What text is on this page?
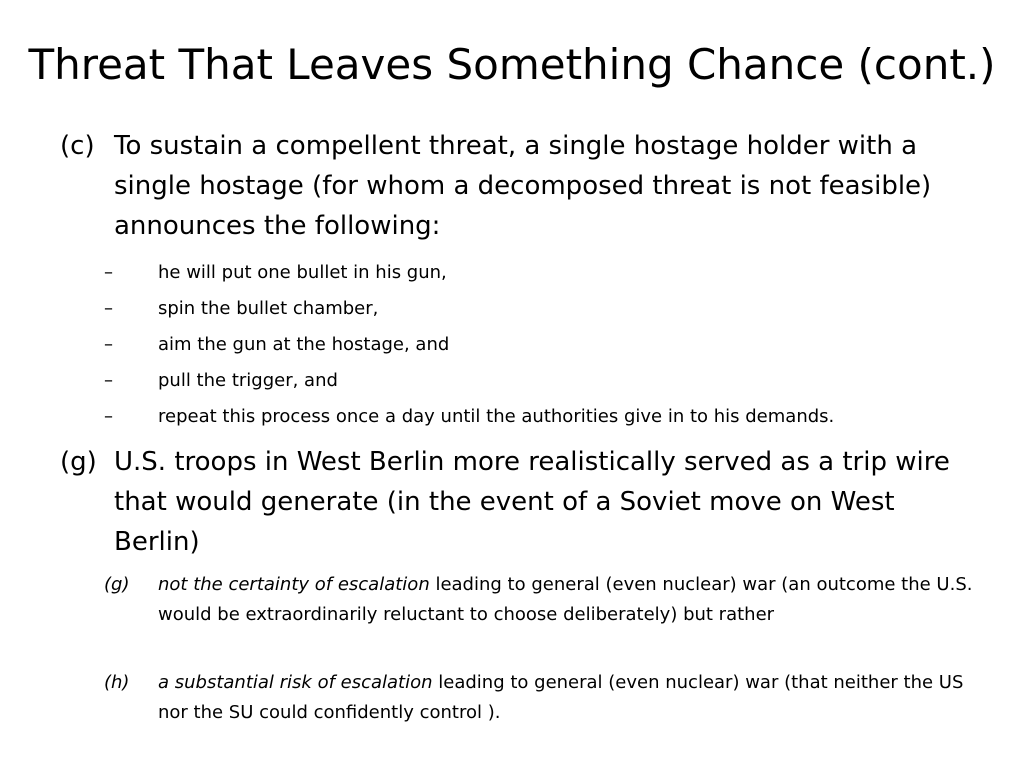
Threat That Leaves Something Chance (cont.)
(c) To sustain a compellent threat, a single hostage holder with a single hostage (for whom a decomposed threat is not feasible) announces the following:
–	he will put one bullet in his gun,
–	spin the bullet chamber,
–	aim the gun at the hostage, and
–	pull the trigger, and
–	repeat this process once a day until the authorities give in to his demands.
(g) U.S. troops in West Berlin more realistically served as a trip wire that would generate (in the event of a Soviet move on West Berlin)
(g) not the certainty of escalation leading to general (even nuclear) war (an outcome the U.S. would be extraordinarily reluctant to choose deliberately) but rather
(h) a substantial risk of escalation leading to general (even nuclear) war (that neither the US nor the SU could confidently control ).
